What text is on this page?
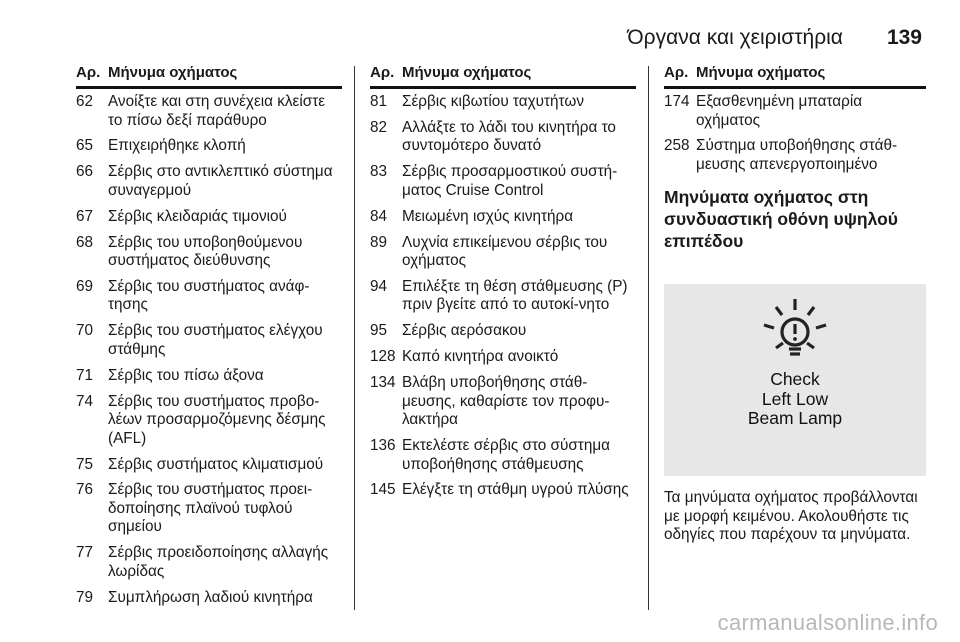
Όργανα και χειριστήρια 139
Αρ. Μήνυμα οχήματος
62 Ανοίξτε και στη συνέχεια κλείστε το πίσω δεξί παράθυρο
65 Επιχειρήθηκε κλοπή
66 Σέρβις στο αντικλεπτικό σύστημα συναγερμού
67 Σέρβις κλειδαριάς τιμονιού
68 Σέρβις του υποβοηθούμενου συστήματος διεύθυνσης
69 Σέρβις του συστήματος ανάφ-τησης
70 Σέρβις του συστήματος ελέγχου στάθμης
71 Σέρβις του πίσω άξονα
74 Σέρβις του συστήματος προβο-λέων προσαρμοζόμενης δέσμης (AFL)
75 Σέρβις συστήματος κλιματισμού
76 Σέρβις του συστήματος προει-δοποίησης πλαϊνού τυφλού σημείου
77 Σέρβις προειδοποίησης αλλαγής λωρίδας
79 Συμπλήρωση λαδιού κινητήρα
Αρ. Μήνυμα οχήματος
81 Σέρβις κιβωτίου ταχυτήτων
82 Αλλάξτε το λάδι του κινητήρα το συντομότερο δυνατό
83 Σέρβις προσαρμοστικού συστή-ματος Cruise Control
84 Μειωμένη ισχύς κινητήρα
89 Λυχνία επικείμενου σέρβις του οχήματος
94 Επιλέξτε τη θέση στάθμευσης (P) πριν βγείτε από το αυτοκί-νητο
95 Σέρβις αερόσακου
128 Καπό κινητήρα ανοικτό
134 Βλάβη υποβοήθησης στάθ-μευσης, καθαρίστε τον προφυ-λακτήρα
136 Εκτελέστε σέρβις στο σύστημα υποβοήθησης στάθμευσης
145 Ελέγξτε τη στάθμη υγρού πλύσης
Αρ. Μήνυμα οχήματος
174 Εξασθενημένη μπαταρία οχήματος
258 Σύστημα υποβοήθησης στάθ-μευσης απενεργοποιημένο
Μηνύματα οχήματος στη συνδυαστική οθόνη υψηλού επιπέδου
Check
Left Low
Beam Lamp
Τα μηνύματα οχήματος προβάλλονται με μορφή κειμένου. Ακολουθήστε τις οδηγίες που παρέχουν τα μηνύματα.
carmanualsonline.info
